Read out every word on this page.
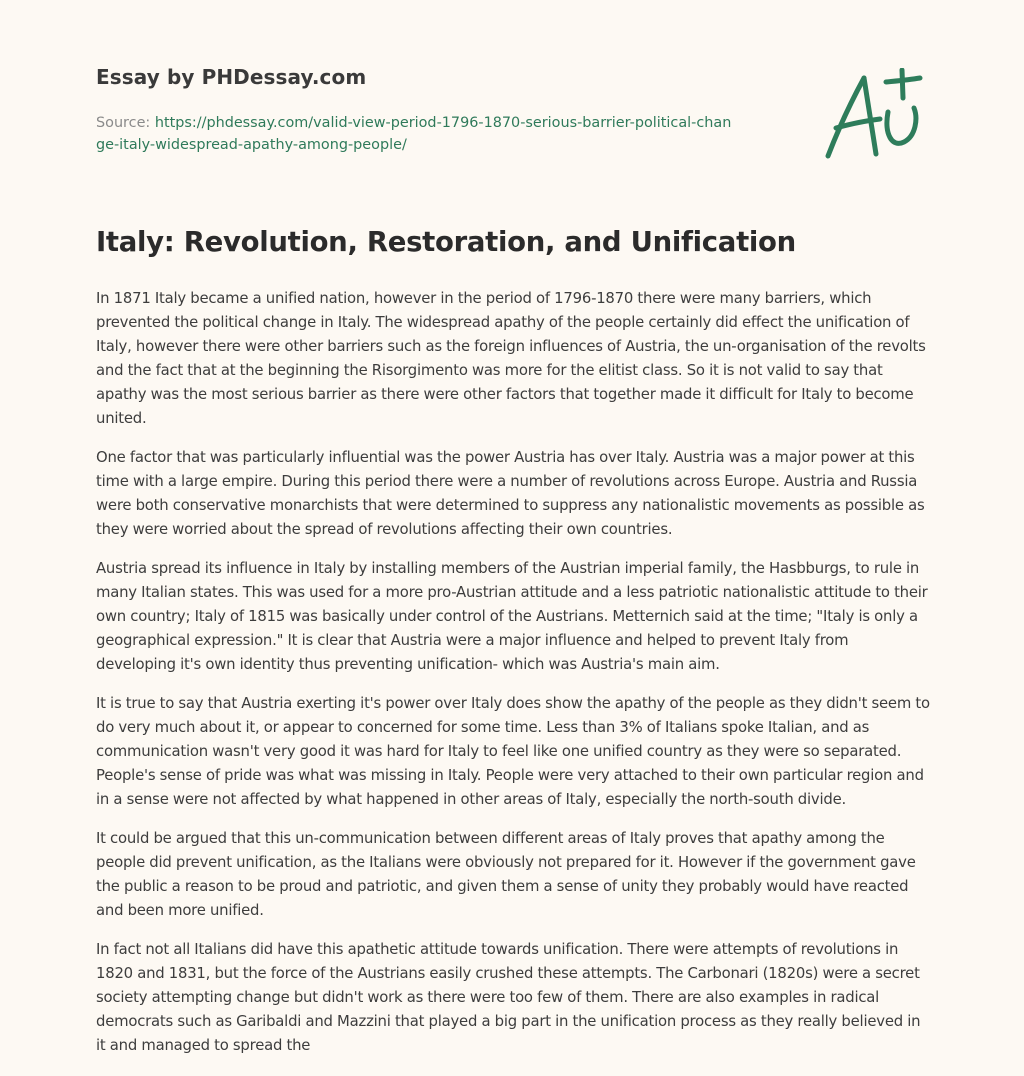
Essay by PHDessay.com
Source: https://phdessay.com/valid-view-period-1796-1870-serious-barrier-political-change-italy-widespread-apathy-among-people/
Italy: Revolution, Restoration, and Unification

In 1871 Italy became a unified nation, however in the period of 1796-1870 there were many barriers, which prevented the political change in Italy. The widespread apathy of the people certainly did effect the unification of Italy, however there were other barriers such as the foreign influences of Austria, the un-organisation of the revolts and the fact that at the beginning the Risorgimento was more for the elitist class. So it is not valid to say that apathy was the most serious barrier as there were other factors that together made it difficult for Italy to become united.

One factor that was particularly influential was the power Austria has over Italy. Austria was a major power at this time with a large empire. During this period there were a number of revolutions across Europe. Austria and Russia were both conservative monarchists that were determined to suppress any nationalistic movements as possible as they were worried about the spread of revolutions affecting their own countries.

Austria spread its influence in Italy by installing members of the Austrian imperial family, the Hasbburgs, to rule in many Italian states. This was used for a more pro-Austrian attitude and a less patriotic nationalistic attitude to their own country; Italy of 1815 was basically under control of the Austrians. Metternich said at the time; "Italy is only a geographical expression." It is clear that Austria were a major influence and helped to prevent Italy from developing it's own identity thus preventing unification- which was Austria's main aim.

It is true to say that Austria exerting it's power over Italy does show the apathy of the people as they didn't seem to do very much about it, or appear to concerned for some time. Less than 3% of Italians spoke Italian, and as communication wasn't very good it was hard for Italy to feel like one unified country as they were so separated. People's sense of pride was what was missing in Italy. People were very attached to their own particular region and in a sense were not affected by what happened in other areas of Italy, especially the north-south divide.

It could be argued that this un-communication between different areas of Italy proves that apathy among the people did prevent unification, as the Italians were obviously not prepared for it. However if the government gave the public a reason to be proud and patriotic, and given them a sense of unity they probably would have reacted and been more unified.

In fact not all Italians did have this apathetic attitude towards unification. There were attempts of revolutions in 1820 and 1831, but the force of the Austrians easily crushed these attempts. The Carbonari (1820s) were a secret society attempting change but didn't work as there were too few of them. There are also examples in radical democrats such as Garibaldi and Mazzini that played a big part in the unification process as they really believed in it and managed to spread the
